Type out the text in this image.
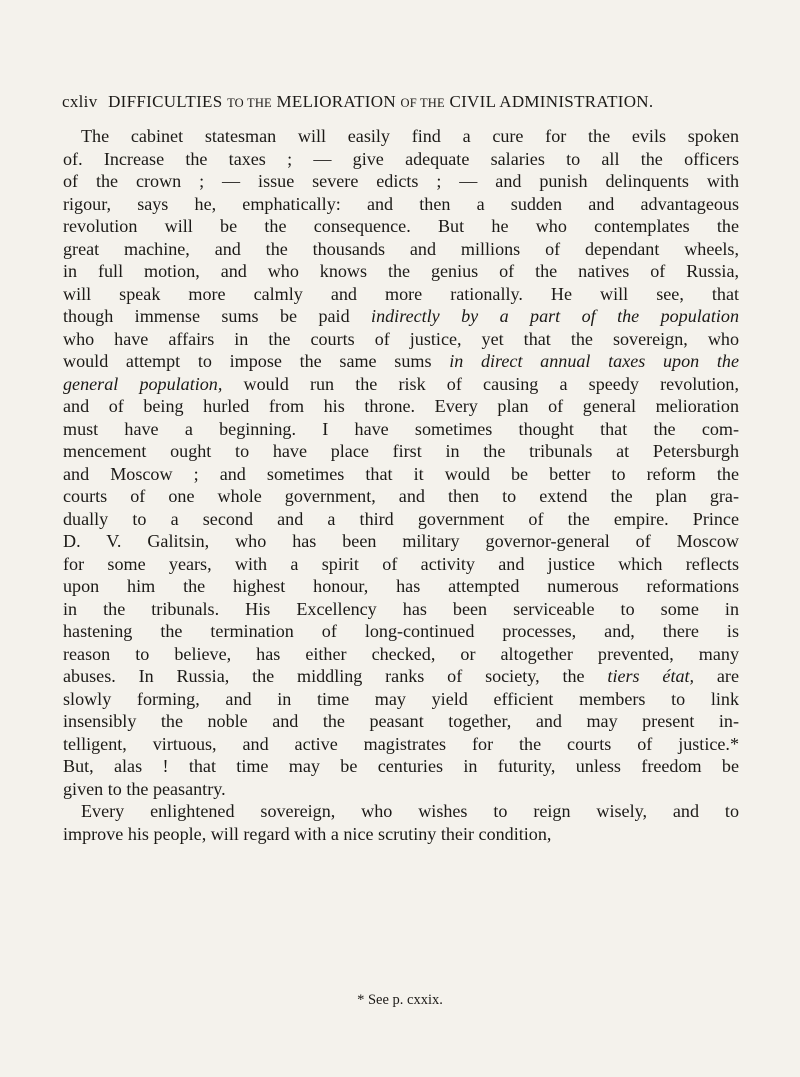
cxliv DIFFICULTIES TO THE MELIORATION OF THE CIVIL ADMINISTRATION.
The cabinet statesman will easily find a cure for the evils spoken
of. Increase the taxes ; — give adequate salaries to all the officers
of the crown ; — issue severe edicts ; — and punish delinquents with
rigour, says he, emphatically: and then a sudden and advantageous
revolution will be the consequence. But he who contemplates the
great machine, and the thousands and millions of dependant wheels,
in full motion, and who knows the genius of the natives of Russia,
will speak more calmly and more rationally. He will see, that
though immense sums be paid indirectly by a part of the population
who have affairs in the courts of justice, yet that the sovereign, who
would attempt to impose the same sums in direct annual taxes upon the
general population, would run the risk of causing a speedy revolution,
and of being hurled from his throne. Every plan of general melioration
must have a beginning. I have sometimes thought that the com-
mencement ought to have place first in the tribunals at Petersburgh
and Moscow ; and sometimes that it would be better to reform the
courts of one whole government, and then to extend the plan gra-
dually to a second and a third government of the empire. Prince
D. V. Galitsin, who has been military governor-general of Moscow
for some years, with a spirit of activity and justice which reflects
upon him the highest honour, has attempted numerous reformations
in the tribunals. His Excellency has been serviceable to some in
hastening the termination of long-continued processes, and, there is
reason to believe, has either checked, or altogether prevented, many
abuses. In Russia, the middling ranks of society, the tiers état, are
slowly forming, and in time may yield efficient members to link
insensibly the noble and the peasant together, and may present in-
telligent, virtuous, and active magistrates for the courts of justice.*
But, alas ! that time may be centuries in futurity, unless freedom be
given to the peasantry.
Every enlightened sovereign, who wishes to reign wisely, and to
improve his people, will regard with a nice scrutiny their condition,
* See p. cxxix.
